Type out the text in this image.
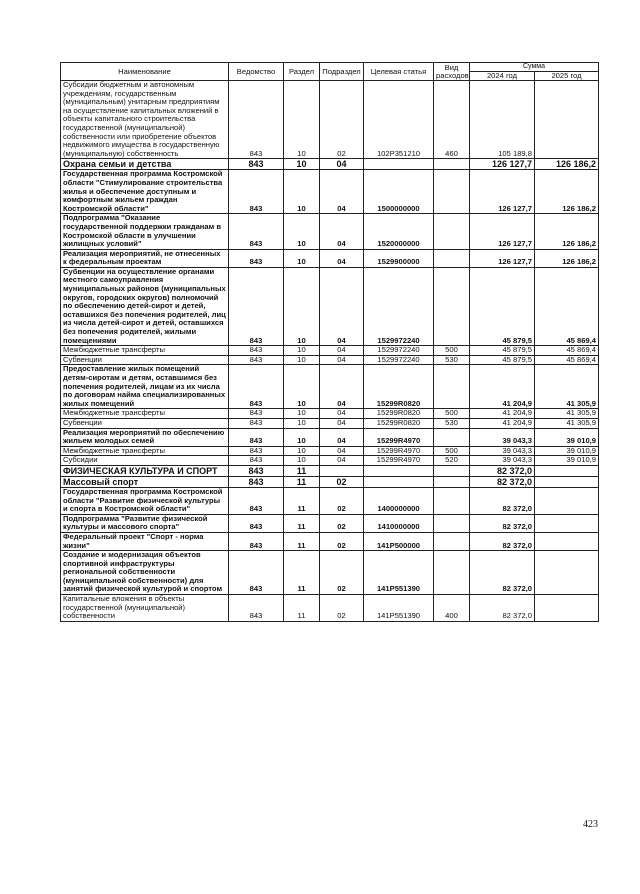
Наименование	Ведомство	Раздел	Подраздел	Целевая статья	Вид расходов	Сумма	
						2024 год	2025 год
Субсидии бюджетным и автономным учреждениям, государственным (муниципальным) унитарным предприятиям на осуществление капитальных вложений в объекты капитального строительства государственной (муниципальной) собственности или приобретение объектов недвижимого имущества в государственную (муниципальную) собственность	843	10	02	102P351210	460	105 189,8	
Охрана семьи и детства	843	10	04			126 127,7	126 186,2
Государственная программа Костромской области "Стимулирование строительства жилья и обеспечение доступным и комфортным жильем граждан Костромской области"	843	10	04	1500000000		126 127,7	126 186,2
Подпрограмма "Оказание государственной поддержки гражданам в Костромской области в улучшении жилищных условий"	843	10	04	1520000000		126 127,7	126 186,2
Реализация мероприятий, не отнесенных к федеральным проектам	843	10	04	1529900000		126 127,7	126 186,2
Субвенции на осуществление органами местного самоуправления муниципальных районов (муниципальных округов, городских округов) полномочий по обеспечению детей-сирот и детей, оставшихся без попечения родителей, лиц из числа детей-сирот и детей, оставшихся без попечения родителей, жилыми помещениями	843	10	04	1529972240		45 879,5	45 869,4
Межбюджетные трансферты	843	10	04	1529972240	500	45 879,5	45 869,4
Субвенции	843	10	04	1529972240	530	45 879,5	45 869,4
Предоставление жилых помещений детям-сиротам и детям, оставшимся без попечения родителей, лицам из их числа по договорам найма специализированных жилых помещений	843	10	04	15299R0820		41 204,9	41 305,9
Межбюджетные трансферты	843	10	04	15299R0820	500	41 204,9	41 305,9
Субвенции	843	10	04	15299R0820	530	41 204,9	41 305,9
Реализация мероприятий по обеспечению жильем молодых семей	843	10	04	15299R4970		39 043,3	39 010,9
Межбюджетные трансферты	843	10	04	15299R4970	500	39 043,3	39 010,9
Субсидии	843	10	04	15299R4970	520	39 043,3	39 010,9
ФИЗИЧЕСКАЯ КУЛЬТУРА И СПОРТ	843	11				82 372,0	
Массовый спорт	843	11	02			82 372,0	
Государственная программа Костромской области "Развитие физической культуры и спорта в Костромской области"	843	11	02	1400000000		82 372,0	
Подпрограмма "Развитие физической культуры и массового спорта"	843	11	02	1410000000		82 372,0	
Федеральный проект "Спорт - норма жизни"	843	11	02	141P500000		82 372,0	
Создание и модернизация объектов спортивной инфраструктуры региональной собственности (муниципальной собственности) для занятий физической культурой и спортом	843	11	02	141P551390		82 372,0	
Капитальные вложения в объекты государственной (муниципальной) собственности	843	11	02	141P551390	400	82 372,0	
423
